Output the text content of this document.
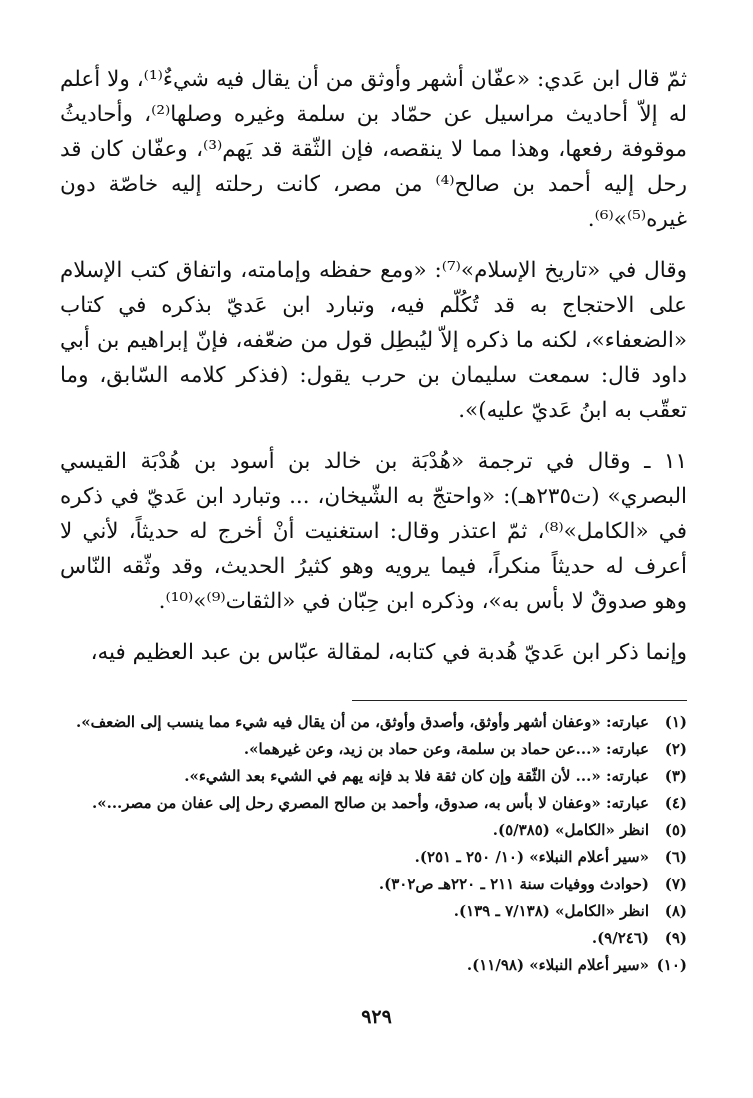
ثمّ قال ابن عَدي: «عفّان أشهر وأوثق من أن يقال فيه شيءٌ⁽¹⁾، ولا أعلم له إلاّ أحاديث مراسيل عن حمّاد بن سلمة وغيره وصلها⁽²⁾، وأحاديثُ موقوفة رفعها، وهذا مما لا ينقصه، فإن الثّقة قد يَهم⁽³⁾، وعفّان كان قد رحل إليه أحمد بن صالح⁽⁴⁾ من مصر، كانت رحلته إليه خاصّة دون غيره⁽⁵⁾»⁽⁶⁾.

وقال في «تاريخ الإسلام»⁽⁷⁾: «ومع حفظه وإمامته، واتفاق كتب الإسلام على الاحتجاج به قد تُكُلّم فيه، وتبارد ابن عَديّ بذكره في كتاب «الضعفاء»، لكنه ما ذكره إلاّ ليُبطِل قول من ضعّفه، فإنّ إبراهيم بن أبي داود قال: سمعت سليمان بن حرب يقول: (فذكر كلامه السّابق، وما تعقّب به ابنُ عَديّ عليه)».

١١ ـ وقال في ترجمة «هُدْبَة بن خالد بن أسود بن هُدْبَة القيسي البصري» (ت٢٣٥هـ): «واحتجّ به الشّيخان، ... وتبارد ابن عَديّ في ذكره في «الكامل»⁽⁸⁾، ثمّ اعتذر وقال: استغنيت أنْ أخرج له حديثاً، لأني لا أعرف له حديثاً منكراً، فيما يرويه وهو كثيرُ الحديث، وقد وثّقه النّاس وهو صدوقٌ لا بأس به»، وذكره ابن حِبّان في «الثقات⁽⁹⁾»⁽¹⁰⁾.

وإنما ذكر ابن عَديّ هُدبة في كتابه، لمقالة عبّاس بن عبد العظيم فيه،

(١)
عبارته: «وعفان أشهر وأوثق، وأصدق وأوثق، من أن يقال فيه شيء مما ينسب إلى الضعف».

(٢)
عبارته: «...عن حماد بن سلمة، وعن حماد بن زيد، وعن غيرهما».

(٣)
عبارته: «... لأن الثّقة وإن كان ثقة فلا بد فإنه يهم في الشيء بعد الشيء».

(٤)
عبارته: «وعفان لا بأس به، صدوق، وأحمد بن صالح المصري رحل إلى عفان من مصر...».

(٥)
انظر «الكامل» (٥/٣٨٥).

(٦)
«سير أعلام النبلاء» (١٠/ ٢٥٠ ـ ٢٥١).

(٧)
(حوادث ووفيات سنة ٢١١ ـ ٢٢٠هـ ص٣٠٢).

(٨)
انظر «الكامل» (٧/١٣٨ ـ ١٣٩).

(٩)
(٩/٢٤٦).

(١٠)
«سير أعلام النبلاء» (١١/٩٨).

٩٢٩
